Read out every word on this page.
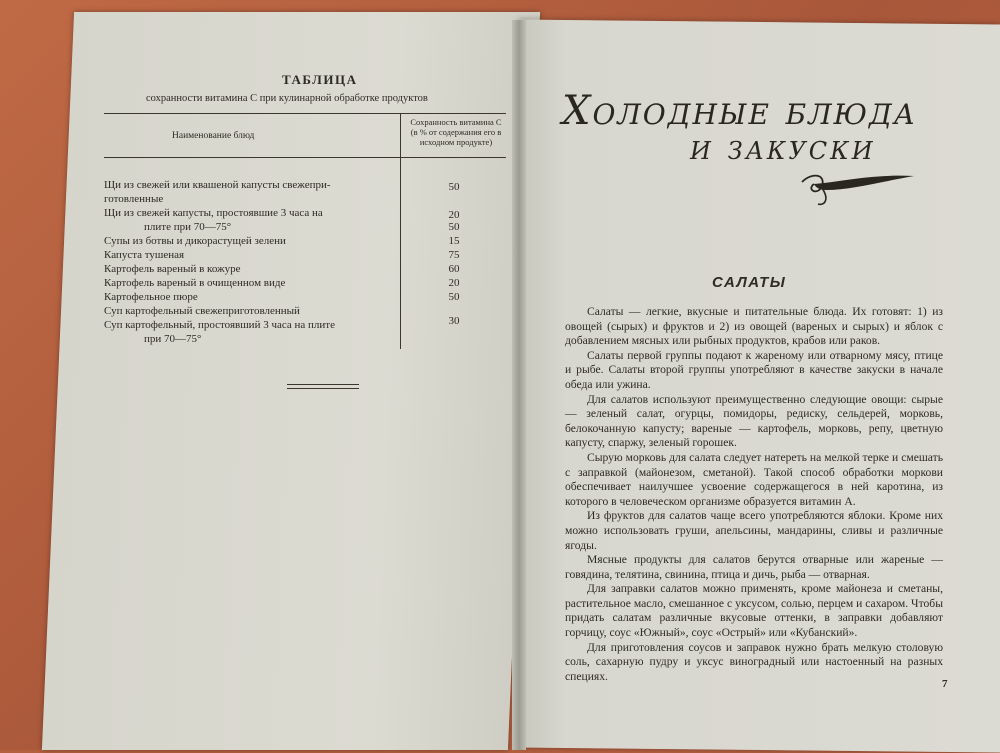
ТАБЛИЦА
сохранности витамина С при кулинарной обработке продуктов
Наименование блюд
Сохранность витамина С (в % от содержания его в исходном продукте)
Щи из свежей или квашеной капусты свежепри-
готовленные
50
Щи из свежей капусты, простоявшие 3 часа на
плите при 70—75°
20
Супы из ботвы и дикорастущей зелени
50
Капуста тушеная
15
Картофель вареный в кожуре
75
Картофель вареный в очищенном виде
60
Картофельное пюре
20
Суп картофельный свежеприготовленный
50
Суп картофельный, простоявший 3 часа на плите
при 70—75°
30
Холодные блюда
и закуски
САЛАТЫ

Салаты — легкие, вкусные и питательные блюда. Их готовят: 1) из овощей (сырых) и фруктов и 2) из овощей (вареных и сырых) и яблок с добавлением мясных или рыбных продуктов, крабов или раков.

Салаты первой группы подают к жареному или отварному мясу, птице и рыбе. Салаты второй группы употребляют в качестве закуски в начале обеда или ужина.

Для салатов используют преимущественно следующие овощи: сырые — зеленый салат, огурцы, помидоры, редиску, сельдерей, морковь, белокочанную капусту; вареные — картофель, морковь, репу, цветную капусту, спаржу, зеленый горошек.

Сырую морковь для салата следует натереть на мелкой терке и смешать с заправкой (майонезом, сметаной). Такой способ обработки моркови обеспечивает наилучшее усвоение содержащегося в ней каротина, из которого в человеческом организме образуется витамин А.

Из фруктов для салатов чаще всего употребляются яблоки. Кроме них можно использовать груши, апельсины, мандарины, сливы и различные ягоды.

Мясные продукты для салатов берутся отварные или жареные — говядина, телятина, свинина, птица и дичь, рыба — отварная.

Для заправки салатов можно применять, кроме майонеза и сметаны, растительное масло, смешанное с уксусом, солью, перцем и сахаром. Чтобы придать салатам различные вкусовые оттенки, в заправки добавляют горчицу, соус «Южный», соус «Острый» или «Кубанский».

Для приготовления соусов и заправок нужно брать мелкую столовую соль, сахарную пудру и уксус виноградный или настоенный на разных специях.

7
